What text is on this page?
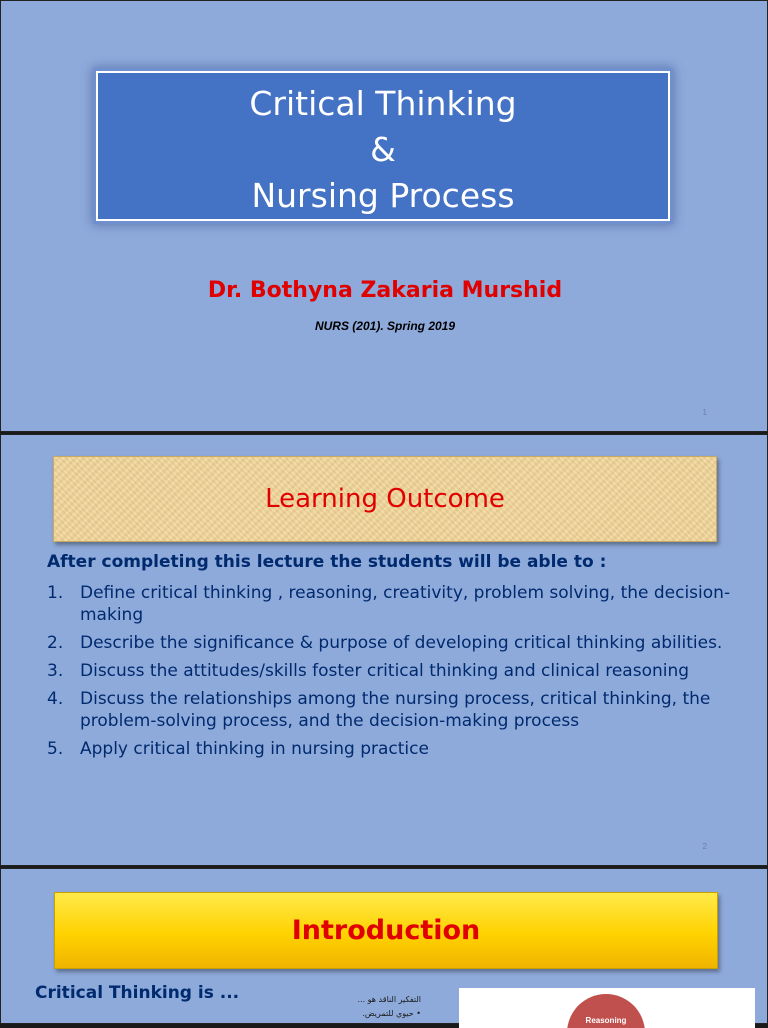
Critical Thinking
&
Nursing Process
Dr. Bothyna Zakaria Murshid
NURS (201). Spring 2019
1
Learning Outcome
After completing this lecture the students will be able to :
1. Define critical thinking , reasoning, creativity, problem solving, the decision-making
2. Describe the significance & purpose of developing critical thinking abilities.
3. Discuss the attitudes/skills foster critical thinking and clinical reasoning
4. Discuss the relationships among the nursing process, critical thinking, the problem-solving process, and the decision-making process
5. Apply critical thinking in nursing practice
2
Introduction
Critical Thinking is ...	التفكير الناقد هو ...
• حيوي للتمريض.
Reasoning
